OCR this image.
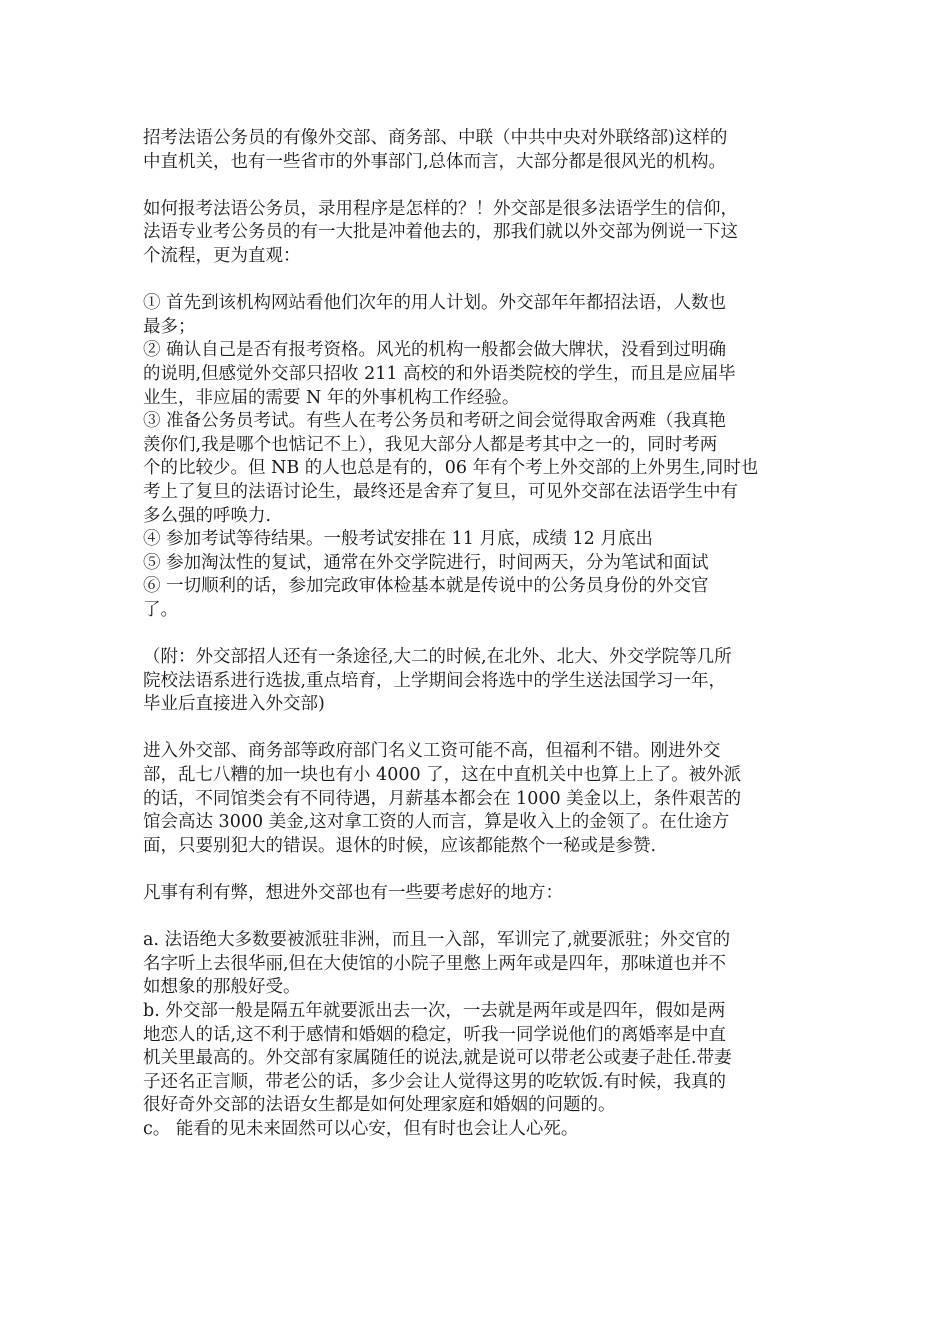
招考法语公务员的有像外交部、商务部、中联（中共中央对外联络部)这样的
中直机关，也有一些省市的外事部门,总体而言，大部分都是很风光的机构。
如何报考法语公务员，录用程序是怎样的？！外交部是很多法语学生的信仰，
法语专业考公务员的有一大批是冲着他去的，那我们就以外交部为例说一下这
个流程，更为直观：
① 首先到该机构网站看他们次年的用人计划。外交部年年都招法语，人数也
最多；
② 确认自己是否有报考资格。风光的机构一般都会做大牌状，没看到过明确
的说明,但感觉外交部只招收 211 高校的和外语类院校的学生，而且是应届毕
业生，非应届的需要 N 年的外事机构工作经验。
③ 准备公务员考试。有些人在考公务员和考研之间会觉得取舍两难（我真艳
羡你们,我是哪个也惦记不上），我见大部分人都是考其中之一的，同时考两
个的比较少。但 NB 的人也总是有的，06 年有个考上外交部的上外男生,同时也
考上了复旦的法语讨论生，最终还是舍弃了复旦，可见外交部在法语学生中有
多么强的呼唤力.
④ 参加考试等待结果。一般考试安排在 11 月底，成绩 12 月底出
⑤ 参加淘汰性的复试，通常在外交学院进行，时间两天，分为笔试和面试
⑥ 一切顺利的话，参加完政审体检基本就是传说中的公务员身份的外交官
了。
（附：外交部招人还有一条途径,大二的时候,在北外、北大、外交学院等几所
院校法语系进行选拔,重点培育，上学期间会将选中的学生送法国学习一年，
毕业后直接进入外交部)
进入外交部、商务部等政府部门名义工资可能不高，但福利不错。刚进外交
部，乱七八糟的加一块也有小 4000 了，这在中直机关中也算上上了。被外派
的话，不同馆类会有不同待遇，月薪基本都会在 1000 美金以上，条件艰苦的
馆会高达 3000 美金,这对拿工资的人而言，算是收入上的金领了。在仕途方
面，只要别犯大的错误。退休的时候，应该都能熬个一秘或是参赞.
凡事有利有弊，想进外交部也有一些要考虑好的地方：
a. 法语绝大多数要被派驻非洲，而且一入部，军训完了,就要派驻；外交官的
名字听上去很华丽,但在大使馆的小院子里憋上两年或是四年，那味道也并不
如想象的那般好受。
b. 外交部一般是隔五年就要派出去一次，一去就是两年或是四年，假如是两
地恋人的话,这不利于感情和婚姻的稳定，听我一同学说他们的离婚率是中直
机关里最高的。外交部有家属随任的说法,就是说可以带老公或妻子赴任.带妻
子还名正言顺，带老公的话，多少会让人觉得这男的吃软饭.有时候，我真的
很好奇外交部的法语女生都是如何处理家庭和婚姻的问题的。
c。 能看的见未来固然可以心安，但有时也会让人心死。
